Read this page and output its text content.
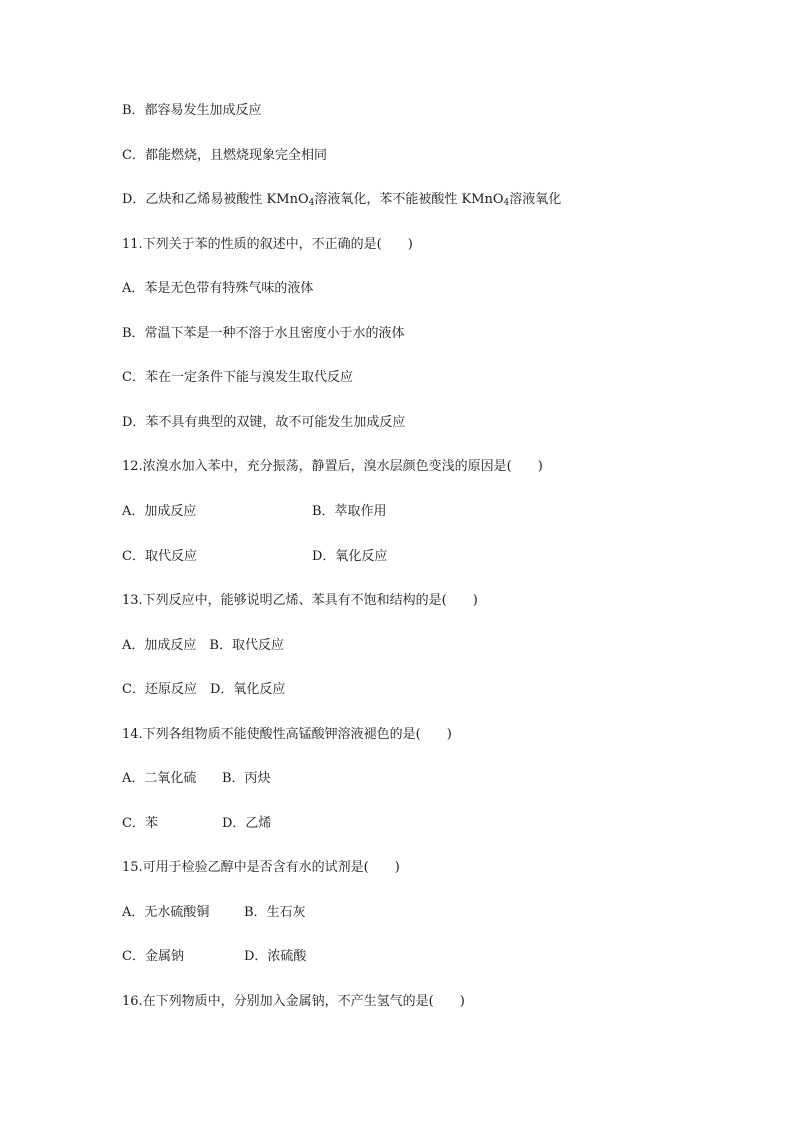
B．都容易发生加成反应
C．都能燃烧，且燃烧现象完全相同
D．乙炔和乙烯易被酸性 KMnO$_4$溶液氧化，苯不能被酸性 KMnO$_4$溶液氧化
11.下列关于苯的性质的叙述中，不正确的是(　　)
A．苯是无色带有特殊气味的液体
B．常温下苯是一种不溶于水且密度小于水的液体
C．苯在一定条件下能与溴发生取代反应
D．苯不具有典型的双键，故不可能发生加成反应
12.浓溴水加入苯中，充分振荡，静置后，溴水层颜色变浅的原因是(　　)
A．加成反应	B．萃取作用
C．取代反应	D．氧化反应
13.下列反应中，能够说明乙烯、苯具有不饱和结构的是(　　)
A．加成反应　B．取代反应
C．还原反应　D．氧化反应
14.下列各组物质不能使酸性高锰酸钾溶液褪色的是(　　)
A．二氧化硫 B．丙炔
C．苯	D．乙烯
15.可用于检验乙醇中是否含有水的试剂是(　　)
A．无水硫酸铜	B．生石灰
C．金属钠	D．浓硫酸
16.在下列物质中，分别加入金属钠，不产生氢气的是(　　)
